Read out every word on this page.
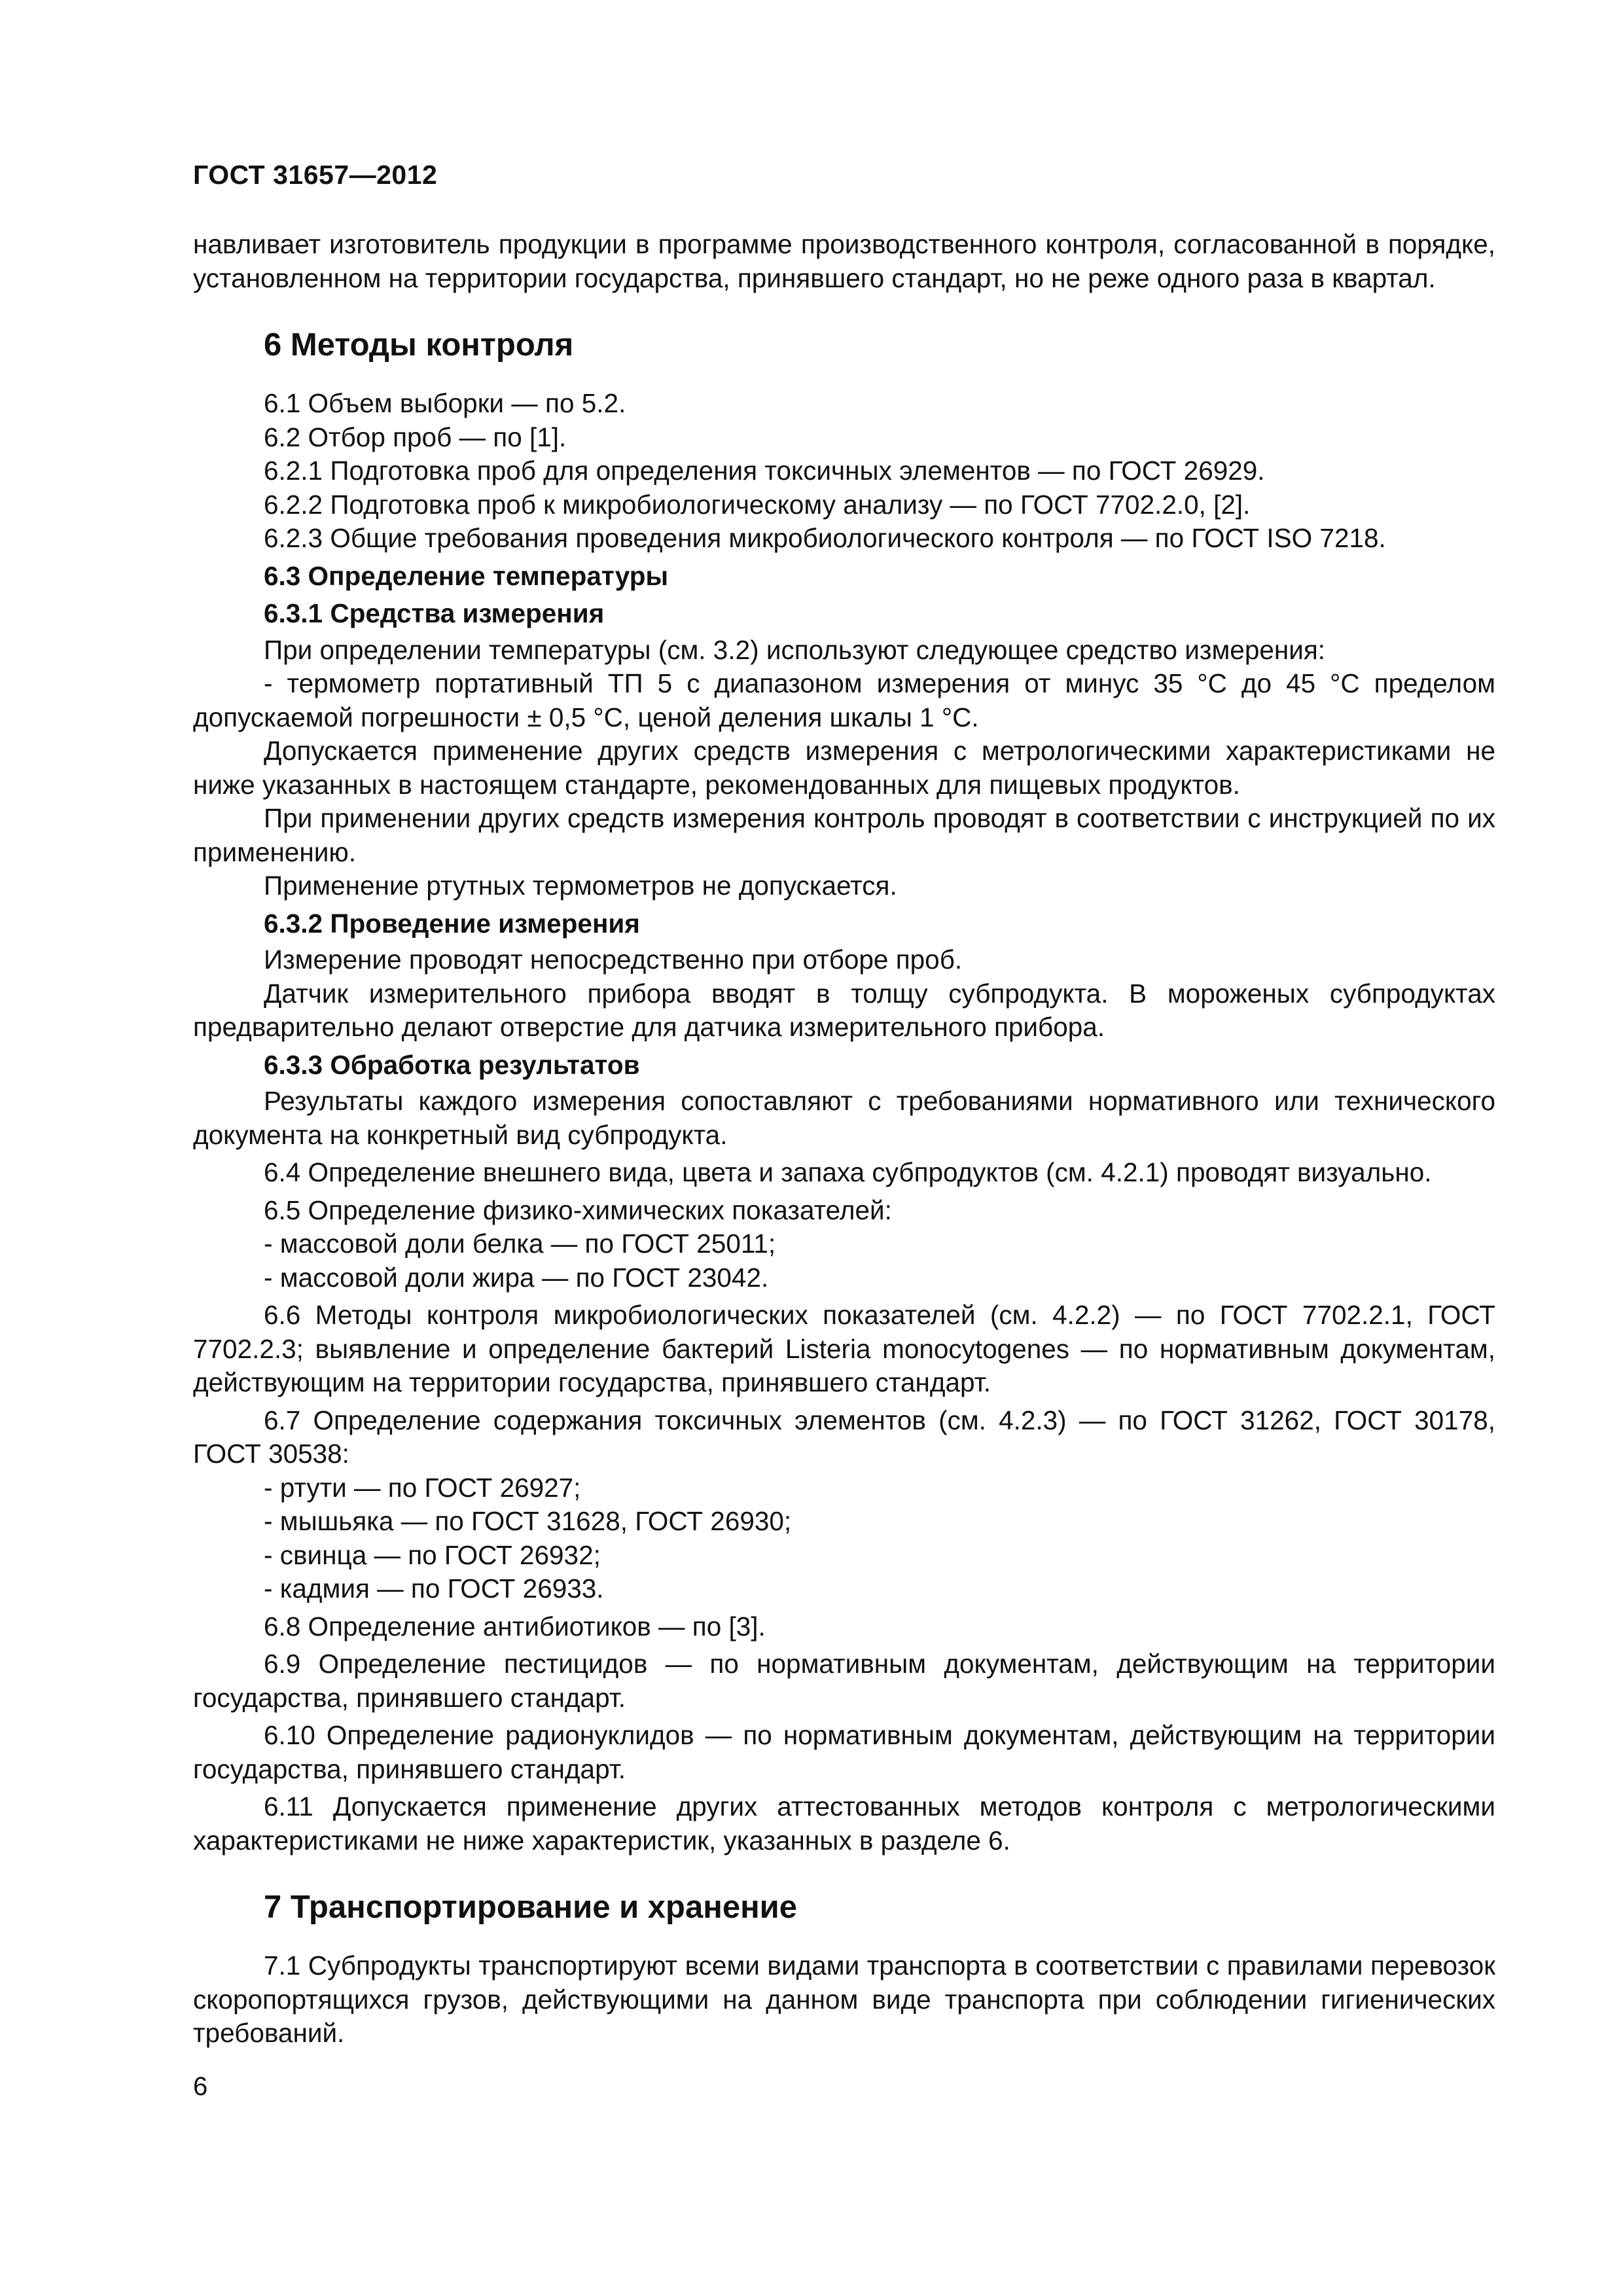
ГОСТ 31657—2012

навливает изготовитель продукции в программе производственного контроля, согласованной в порядке, установленном на территории государства, принявшего стандарт, но не реже одного раза в квартал.

6 Методы контроля

6.1 Объем выборки — по 5.2.

6.2 Отбор проб — по [1].

6.2.1 Подготовка проб для определения токсичных элементов — по ГОСТ 26929.

6.2.2 Подготовка проб к микробиологическому анализу — по ГОСТ 7702.2.0, [2].

6.2.3 Общие требования проведения микробиологического контроля — по ГОСТ ISO 7218.

6.3 Определение температуры

6.3.1 Средства измерения

При определении температуры (см. 3.2) используют следующее средство измерения:

- термометр портативный ТП 5 с диапазоном измерения от минус 35 °С до 45 °С пределом допускаемой погрешности ± 0,5 °С, ценой деления шкалы 1 °С.

Допускается применение других средств измерения с метрологическими характеристиками не ниже указанных в настоящем стандарте, рекомендованных для пищевых продуктов.

При применении других средств измерения контроль проводят в соответствии с инструкцией по их применению.

Применение ртутных термометров не допускается.

6.3.2 Проведение измерения

Измерение проводят непосредственно при отборе проб.

Датчик измерительного прибора вводят в толщу субпродукта. В мороженых субпродуктах предварительно делают отверстие для датчика измерительного прибора.

6.3.3 Обработка результатов

Результаты каждого измерения сопоставляют с требованиями нормативного или технического документа на конкретный вид субпродукта.

6.4 Определение внешнего вида, цвета и запаха субпродуктов (см. 4.2.1) проводят визуально.

6.5 Определение физико-химических показателей:

- массовой доли белка — по ГОСТ 25011;

- массовой доли жира — по ГОСТ 23042.

6.6 Методы контроля микробиологических показателей (см. 4.2.2) — по ГОСТ 7702.2.1, ГОСТ 7702.2.3; выявление и определение бактерий Listeria monocytogenes — по нормативным документам, действующим на территории государства, принявшего стандарт.

6.7 Определение содержания токсичных элементов (см. 4.2.3) — по ГОСТ 31262, ГОСТ 30178, ГОСТ 30538:

- ртути — по ГОСТ 26927;

- мышьяка — по ГОСТ 31628, ГОСТ 26930;

- свинца — по ГОСТ 26932;

- кадмия — по ГОСТ 26933.

6.8 Определение антибиотиков — по [3].

6.9 Определение пестицидов — по нормативным документам, действующим на территории государства, принявшего стандарт.

6.10 Определение радионуклидов — по нормативным документам, действующим на территории государства, принявшего стандарт.

6.11 Допускается применение других аттестованных методов контроля с метрологическими характеристиками не ниже характеристик, указанных в разделе 6.

7 Транспортирование и хранение

7.1 Субпродукты транспортируют всеми видами транспорта в соответствии с правилами перевозок скоропортящихся грузов, действующими на данном виде транспорта при соблюдении гигиенических требований.

6
